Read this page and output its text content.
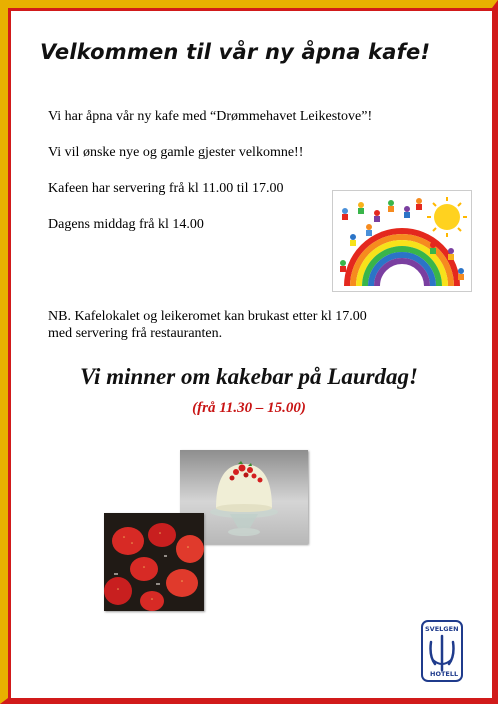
Velkommen til vår ny åpna kafe!

Vi har åpna vår ny kafe med “Drømmehavet Leikestove”!

Vi vil ønske nye og gamle gjester velkomne!!

Kafeen har servering frå kl 11.00 til 17.00

Dagens middag frå kl 14.00

NB. Kafelokalet og leikeromet kan brukast etter kl 17.00

med servering frå restauranten.

Vi minner om kakebar på Laurdag!

(frå 11.30 – 15.00)

SVELGEN
HOTELL
